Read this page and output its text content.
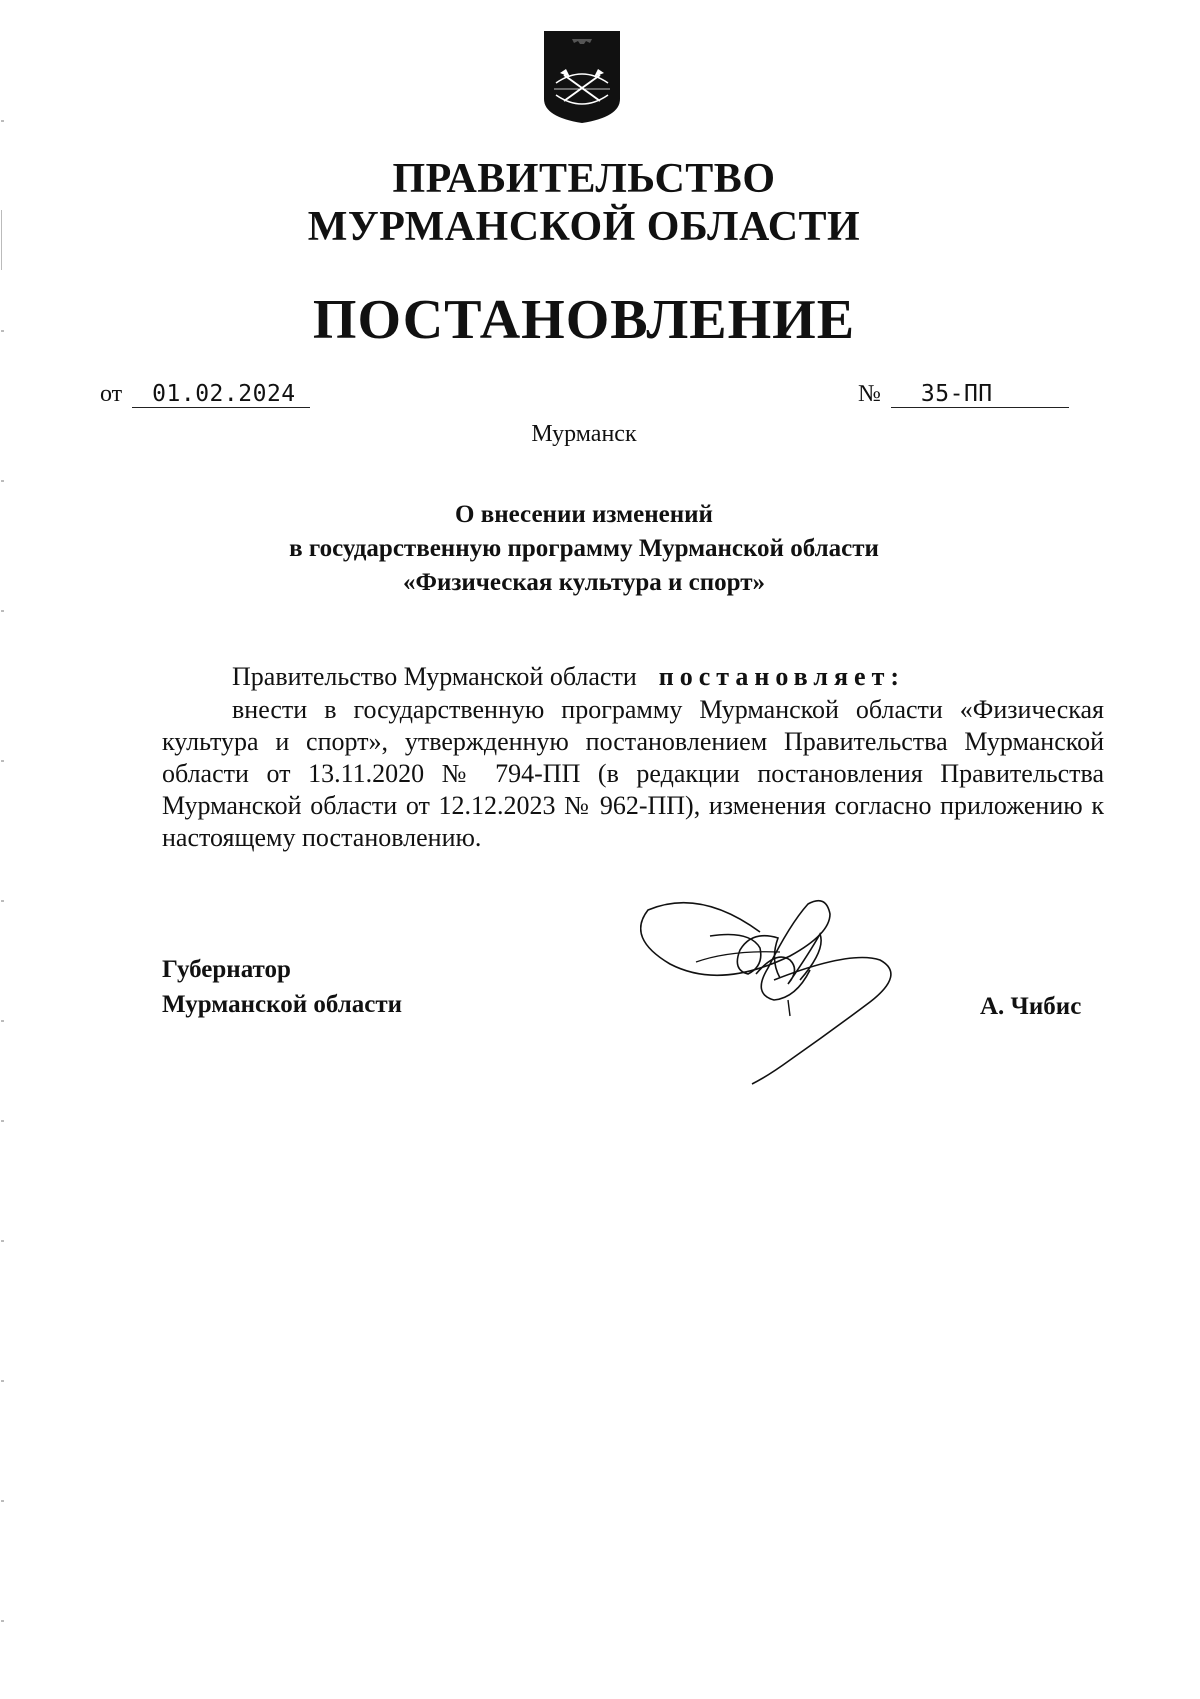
ПРАВИТЕЛЬСТВО
МУРМАНСКОЙ ОБЛАСТИ
ПОСТАНОВЛЕНИЕ
от 01.02.2024	№ 35-ПП
Мурманск
О внесении изменений
в государственную программу Мурманской области
«Физическая культура и спорт»
Правительство Мурманской области постановляет:
внести в государственную программу Мурманской области «Физическая культура и спорт», утвержденную постановлением Правительства Мурманской области от 13.11.2020 № 794-ПП (в редакции постановления Правительства Мурманской области от 12.12.2023 № 962-ПП), изменения согласно приложению к настоящему постановлению.
Губернатор
Мурманской области	А. Чибис
